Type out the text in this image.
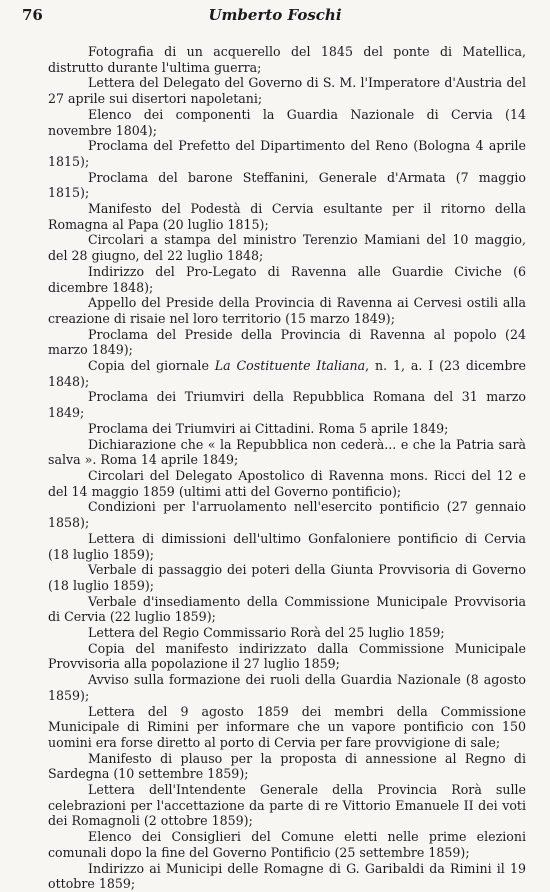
76	Umberto Foschi

Fotografia di un acquerello del 1845 del ponte di Matellica, distrutto durante l'ultima guerra;

Lettera del Delegato del Governo di S. M. l'Imperatore d'Austria del 27 aprile sui disertori napoletani;

Elenco dei componenti la Guardia Nazionale di Cervia (14 novembre 1804);

Proclama del Prefetto del Dipartimento del Reno (Bologna 4 aprile 1815);

Proclama del barone Steffanini, Generale d'Armata (7 maggio 1815);

Manifesto del Podestà di Cervia esultante per il ritorno della Romagna al Papa (20 luglio 1815);

Circolari a stampa del ministro Terenzio Mamiani del 10 maggio, del 28 giugno, del 22 luglio 1848;

Indirizzo del Pro-Legato di Ravenna alle Guardie Civiche (6 dicembre 1848);

Appello del Preside della Provincia di Ravenna ai Cervesi ostili alla creazione di risaie nel loro territorio (15 marzo 1849);

Proclama del Preside della Provincia di Ravenna al popolo (24 marzo 1849);

Copia del giornale La Costituente Italiana, n. 1, a. I (23 dicembre 1848);

Proclama dei Triumviri della Repubblica Romana del 31 marzo 1849;

Proclama dei Triumviri ai Cittadini. Roma 5 aprile 1849;

Dichiarazione che « la Repubblica non cederà... e che la Patria sarà salva ». Roma 14 aprile 1849;

Circolari del Delegato Apostolico di Ravenna mons. Ricci del 12 e del 14 maggio 1859 (ultimi atti del Governo pontificio);

Condizioni per l'arruolamento nell'esercito pontificio (27 gennaio 1858);

Lettera di dimissioni dell'ultimo Gonfaloniere pontificio di Cervia (18 luglio 1859);

Verbale di passaggio dei poteri della Giunta Provvisoria di Governo (18 luglio 1859);

Verbale d'insediamento della Commissione Municipale Provvisoria di Cervia (22 luglio 1859);

Lettera del Regio Commissario Rorà del 25 luglio 1859;

Copia del manifesto indirizzato dalla Commissione Municipale Provvisoria alla popolazione il 27 luglio 1859;

Avviso sulla formazione dei ruoli della Guardia Nazionale (8 agosto 1859);

Lettera del 9 agosto 1859 dei membri della Commissione Municipale di Rimini per informare che un vapore pontificio con 150 uomini era forse diretto al porto di Cervia per fare provvigione di sale;

Manifesto di plauso per la proposta di annessione al Regno di Sardegna (10 settembre 1859);

Lettera dell'Intendente Generale della Provincia Rorà sulle celebrazioni per l'accettazione da parte di re Vittorio Emanuele II dei voti dei Romagnoli (2 ottobre 1859);

Elenco dei Consiglieri del Comune eletti nelle prime elezioni comunali dopo la fine del Governo Pontificio (25 settembre 1859);

Indirizzo ai Municipi delle Romagne di G. Garibaldi da Rimini il 19 ottobre 1859;
